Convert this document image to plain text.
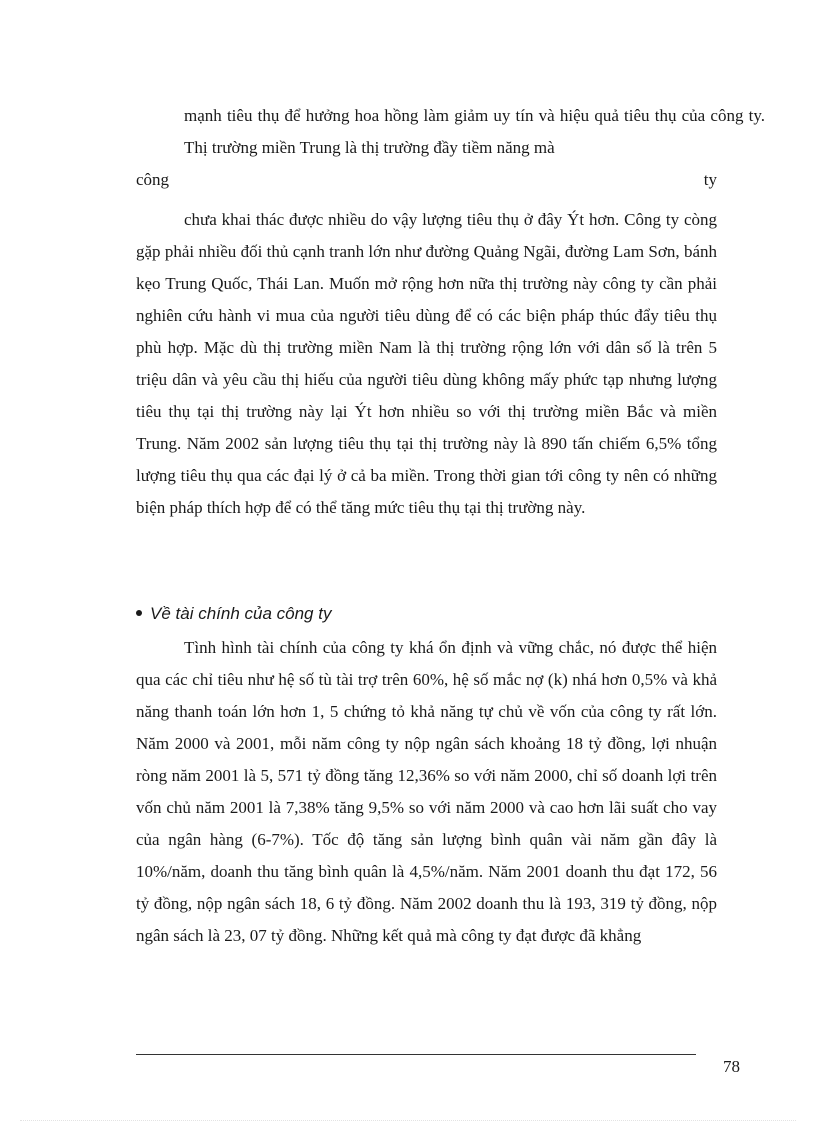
mạnh tiêu thụ để hưởng hoa hồng làm giảm uy tín và hiệu quả tiêu thụ của công ty. Thị trường miền Trung là thị trường đầy tiềm năng mà
công ty
chưa khai thác được nhiều do vậy lượng tiêu thụ ở đây Ýt hơn. Công ty còng gặp phải nhiều đối thủ cạnh tranh lớn như đường Quảng Ngãi, đường Lam Sơn, bánh kẹo Trung Quốc, Thái Lan. Muốn mở rộng hơn nữa thị trường này công ty cần phải nghiên cứu hành vi mua của người tiêu dùng để có các biện pháp thúc đẩy tiêu thụ phù hợp. Mặc dù thị trường miền Nam là thị trường rộng lớn với dân số là trên 5 triệu dân và yêu cầu thị hiếu của người tiêu dùng không mấy phức tạp nhưng lượng tiêu thụ tại thị trường này lại Ýt hơn nhiều so với thị trường miền Bắc và miền Trung. Năm 2002 sản lượng tiêu thụ tại thị trường này là 890 tấn chiếm 6,5% tổng lượng tiêu thụ qua các đại lý ở cả ba miền. Trong thời gian tới công ty nên có những biện pháp thích hợp để có thể tăng mức tiêu thụ tại thị trường này.
Về tài chính của công ty
Tình hình tài chính của công ty khá ổn định và vững chắc, nó được thể hiện qua các chỉ tiêu như hệ số tù tài trợ trên 60%, hệ số mắc nợ (k) nhá hơn 0,5% và khả năng thanh toán lớn hơn 1, 5 chứng tỏ khả năng tự chủ về vốn của công ty rất lớn. Năm 2000 và 2001, mỗi năm công ty nộp ngân sách khoảng 18 tỷ đồng, lợi nhuận ròng năm 2001 là 5, 571 tỷ đồng tăng 12,36% so với năm 2000, chỉ số doanh lợi trên vốn chủ năm 2001 là 7,38% tăng 9,5% so với năm 2000 và cao hơn lãi suất cho vay của ngân hàng (6-7%). Tốc độ tăng sản lượng bình quân vài năm gần đây là 10%/năm, doanh thu tăng bình quân là 4,5%/năm. Năm 2001 doanh thu đạt 172, 56 tỷ đồng, nộp ngân sách 18, 6 tỷ đồng. Năm 2002 doanh thu là 193, 319 tỷ đồng, nộp ngân sách là 23, 07 tỷ đồng. Những kết quả mà công ty đạt được đã khẳng
78
